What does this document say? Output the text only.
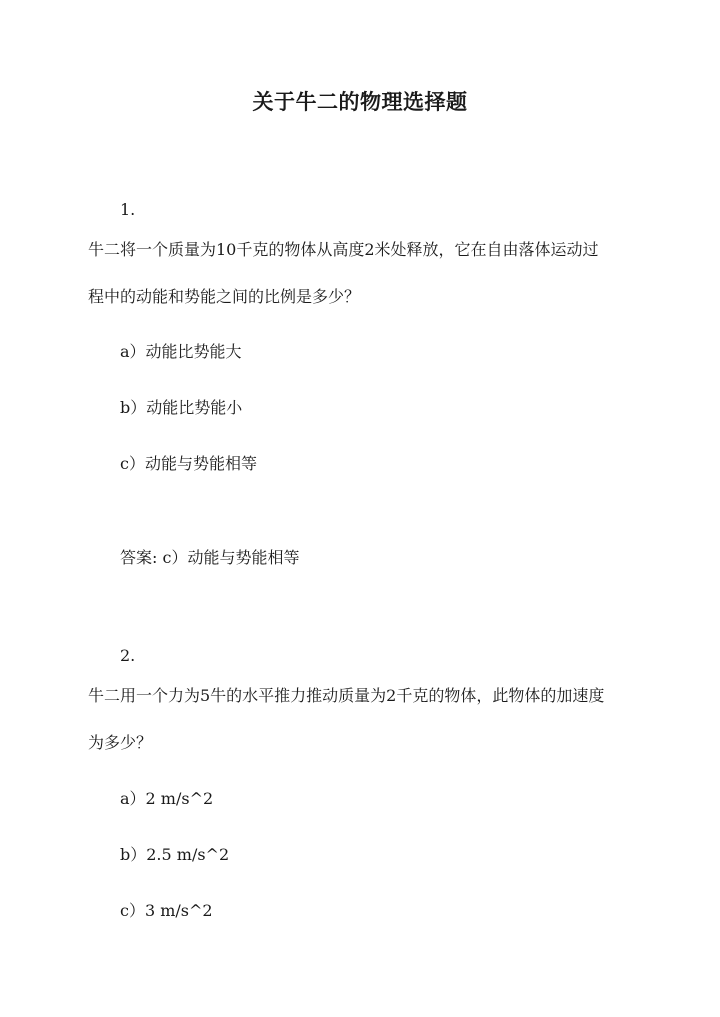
关于牛二的物理选择题
1.
牛二将一个质量为10千克的物体从高度2米处释放，它在自由落体运动过
程中的动能和势能之间的比例是多少？
a）动能比势能大
b）动能比势能小
c）动能与势能相等
答案: c）动能与势能相等
2.
牛二用一个力为5牛的水平推力推动质量为2千克的物体，此物体的加速度
为多少？
a）2 m/s^2
b）2.5 m/s^2
c）3 m/s^2
